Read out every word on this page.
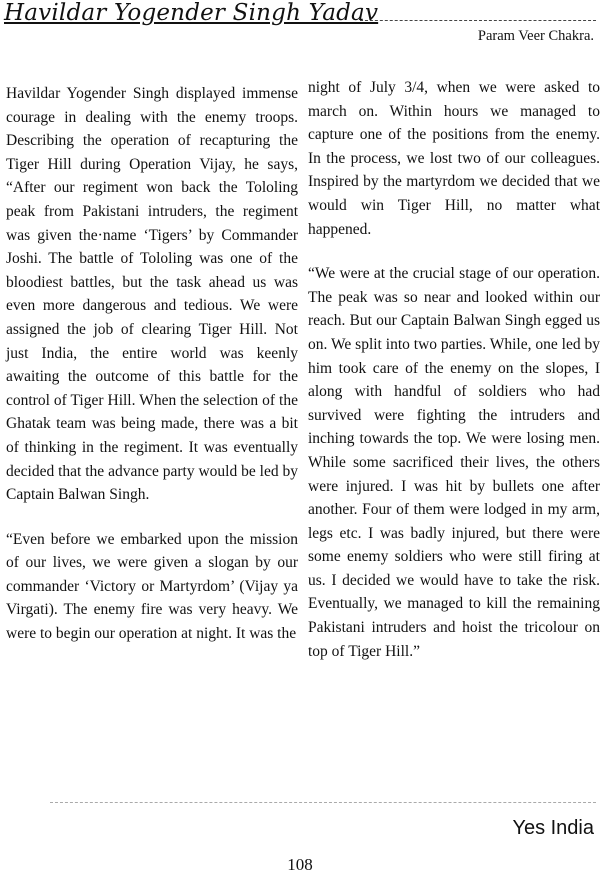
Havildar Yogender Singh Yadav
Param Veer Chakra.

Havildar Yogender Singh displayed immense courage in dealing with the enemy troops. Describing the operation of recapturing the Tiger Hill during Operation Vijay, he says, “After our regiment won back the Tololing peak from Pakistani intruders, the regiment was given the·name ‘Tigers’ by Commander Joshi. The battle of Tololing was one of the bloodiest battles, but the task ahead us was even more dangerous and tedious. We were assigned the job of clearing Tiger Hill. Not just India, the entire world was keenly awaiting the outcome of this battle for the control of Tiger Hill. When the selection of the Ghatak team was being made, there was a bit of thinking in the regiment. It was eventually decided that the advance party would be led by Captain Balwan Singh.

“Even before we embarked upon the mission of our lives, we were given a slogan by our commander ‘Victory or Martyrdom’ (Vijay ya Virgati). The enemy fire was very heavy. We were to begin our operation at night. It was the

night of July 3/4, when we were asked to march on. Within hours we managed to capture one of the positions from the enemy. In the process, we lost two of our colleagues. Inspired by the martyrdom we decided that we would win Tiger Hill, no matter what happened.

“We were at the crucial stage of our operation. The peak was so near and looked within our reach. But our Captain Balwan Singh egged us on. We split into two parties. While, one led by him took care of the enemy on the slopes, I along with handful of soldiers who had survived were fighting the intruders and inching towards the top. We were losing men. While some sacrificed their lives, the others were injured. I was hit by bullets one after another. Four of them were lodged in my arm, legs etc. I was badly injured, but there were some enemy soldiers who were still firing at us. I decided we would have to take the risk. Eventually, we managed to kill the remaining Pakistani intruders and hoist the tricolour on top of Tiger Hill.”

Yes India
108
